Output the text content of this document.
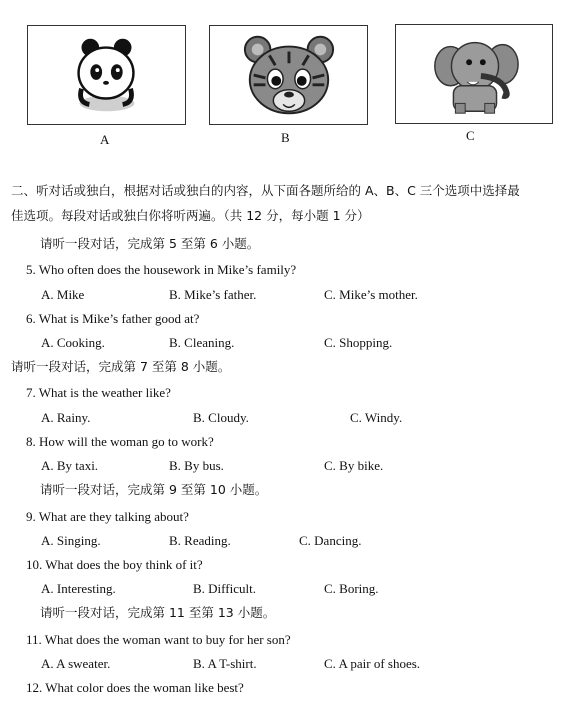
A	B	C
二、听对话或独白，根据对话或独白的内容，从下面各题所给的 A、B、C 三个选项中选择最
佳选项。每段对话或独白你将听两遍。（共 12 分，每小题 1 分）
请听一段对话，完成第 5 至第 6 小题。
5. Who often does the housework in Mike’s family?
A. Mike	B. Mike’s father.	C. Mike’s mother.
6. What is Mike’s father good at?
A. Cooking.	B. Cleaning.	C. Shopping.
请听一段对话，完成第 7 至第 8 小题。
7. What is the weather like?
A. Rainy.	B. Cloudy.	C. Windy.
8. How will the woman go to work?
A. By taxi.	B. By bus.	C. By bike.
请听一段对话，完成第 9 至第 10 小题。
9. What are they talking about?
A. Singing.	B. Reading.	C. Dancing.
10. What does the boy think of it?
A. Interesting.	B. Difficult.	C. Boring.
请听一段对话，完成第 11 至第 13 小题。
11. What does the woman want to buy for her son?
A. A sweater.	B. A T-shirt.	C. A pair of shoes.
12. What color does the woman like best?
